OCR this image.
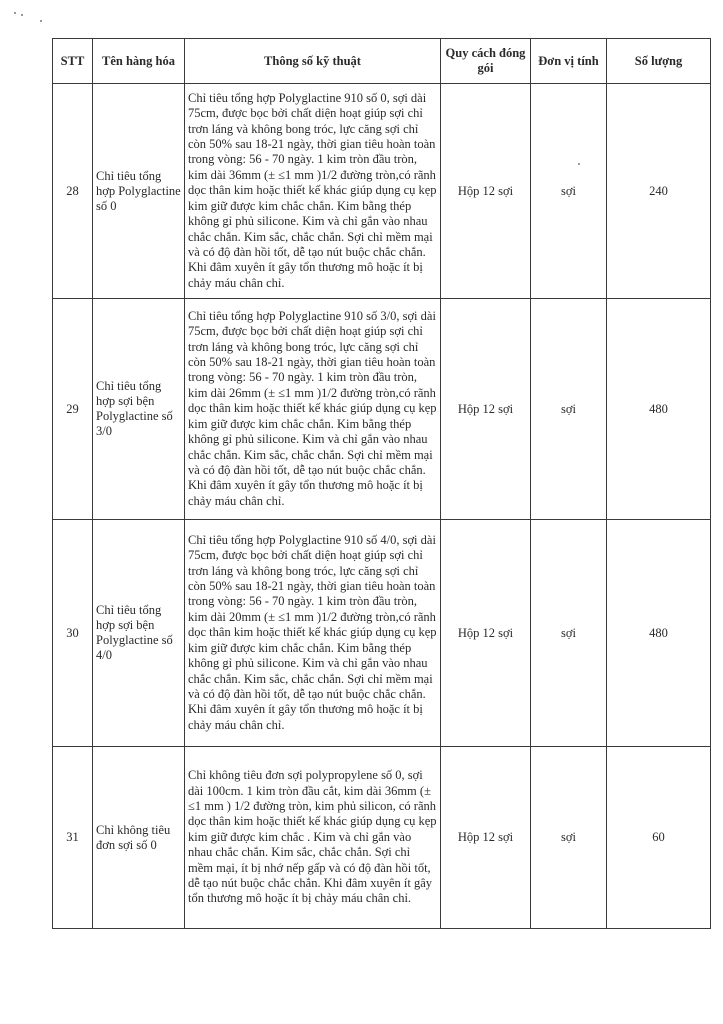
STT	Tên hàng hóa	Thông số kỹ thuật	Quy cách đóng gói	Đơn vị tính	Số lượng
28	Chỉ tiêu tổng hợp Polyglactine số 0	Chỉ tiêu tổng hợp Polyglactine 910 số 0, sợi dài 75cm, được bọc bởi chất diện hoạt giúp sợi chỉ trơn láng và không bong tróc, lực căng sợi chỉ còn 50% sau 18-21 ngày, thời gian tiêu hoàn toàn trong vòng: 56 - 70 ngày. 1 kim tròn đầu tròn, kim dài 36mm (± ≤1 mm )1/2 đường tròn,có rãnh dọc thân kim hoặc thiết kế khác giúp dụng cụ kẹp kim giữ được kim chắc chắn. Kim bằng thép không gỉ phủ silicone. Kim và chỉ gắn vào nhau chắc chắn. Kim sắc, chắc chắn. Sợi chỉ mềm mại và có độ đàn hồi tốt, dễ tạo nút buộc chắc chắn. Khi đâm xuyên ít gây tổn thương mô hoặc ít bị chảy máu chân chỉ.	Hộp 12 sợi	sợi	240
29	Chỉ tiêu tổng hợp sợi bện Polyglactine số 3/0	Chỉ tiêu tổng hợp Polyglactine 910 số 3/0, sợi dài 75cm, được bọc bởi chất diện hoạt giúp sợi chỉ trơn láng và không bong tróc, lực căng sợi chỉ còn 50% sau 18-21 ngày, thời gian tiêu hoàn toàn trong vòng: 56 - 70 ngày. 1 kim tròn đầu tròn, kim dài 26mm (± ≤1 mm )1/2 đường tròn,có rãnh dọc thân kim hoặc thiết kế khác giúp dụng cụ kẹp kim giữ được kim chắc chắn. Kim bằng thép không gỉ phủ silicone. Kim và chỉ gắn vào nhau chắc chắn. Kim sắc, chắc chắn. Sợi chỉ mềm mại và có độ đàn hồi tốt, dễ tạo nút buộc chắc chắn. Khi đâm xuyên ít gây tổn thương mô hoặc ít bị chảy máu chân chỉ.	Hộp 12 sợi	sợi	480
30	Chỉ tiêu tổng hợp sợi bện Polyglactine số 4/0	Chỉ tiêu tổng hợp Polyglactine 910 số 4/0, sợi dài 75cm, được bọc bởi chất diện hoạt giúp sợi chỉ trơn láng và không bong tróc, lực căng sợi chỉ còn 50% sau 18-21 ngày, thời gian tiêu hoàn toàn trong vòng: 56 - 70 ngày. 1 kim tròn đầu tròn, kim dài 20mm (± ≤1 mm )1/2 đường tròn,có rãnh dọc thân kim hoặc thiết kế khác giúp dụng cụ kẹp kim giữ được kim chắc chắn. Kim bằng thép không gỉ phủ silicone. Kim và chỉ gắn vào nhau chắc chắn. Kim sắc, chắc chắn. Sợi chỉ mềm mại và có độ đàn hồi tốt, dễ tạo nút buộc chắc chắn. Khi đâm xuyên ít gây tổn thương mô hoặc ít bị chảy máu chân chỉ.	Hộp 12 sợi	sợi	480
31	Chỉ không tiêu đơn sợi số 0	Chỉ không tiêu đơn sợi polypropylene số 0, sợi dài 100cm. 1 kim tròn đầu cắt, kim dài 36mm (± ≤1 mm ) 1/2 đường tròn, kim phủ silicon, có rãnh dọc thân kim hoặc thiết kế khác giúp dụng cụ kẹp kim giữ được kim chắc . Kim và chỉ gắn vào nhau chắc chắn. Kim sắc, chắc chắn. Sợi chỉ mềm mại, ít bị nhớ nếp gấp và có độ đàn hồi tốt, dễ tạo nút buộc chắc chắn. Khi đâm xuyên ít gây tổn thương mô hoặc ít bị chảy máu chân chỉ.	Hộp 12 sợi	sợi	60
